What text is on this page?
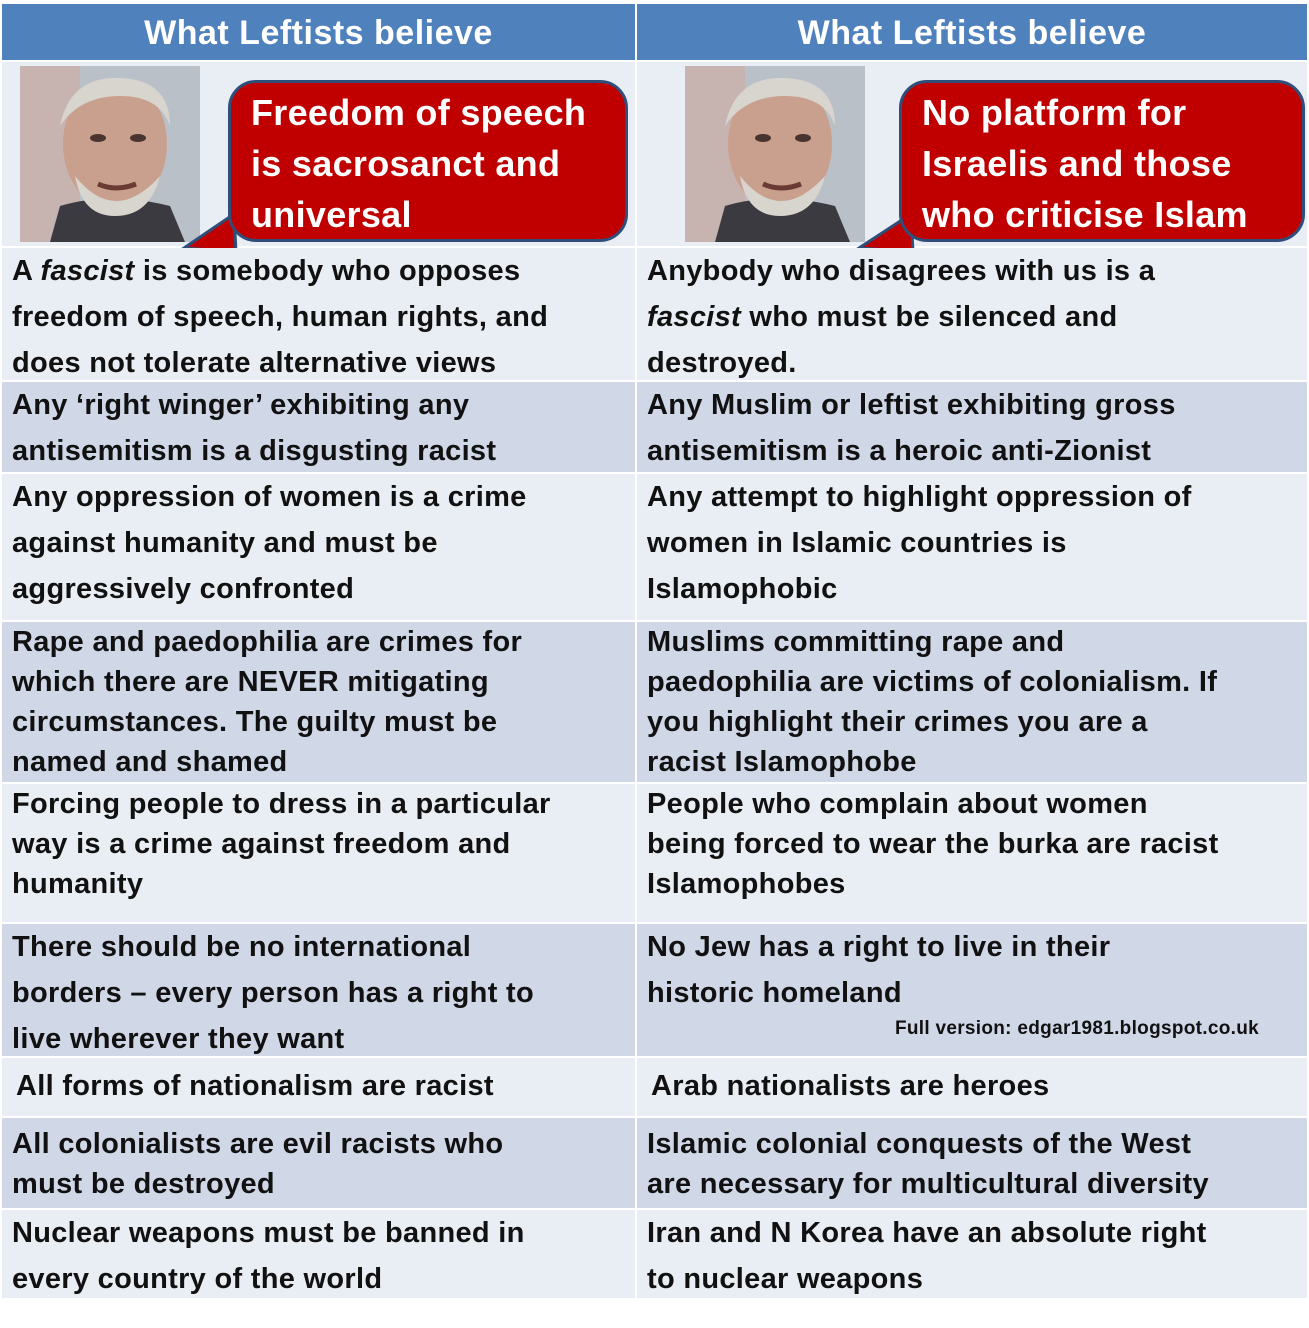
What Leftists believe	What Leftists believe
Freedom of speech
is sacrosanct and
universal
No platform for
Israelis and those
who criticise Islam
A fascist is somebody who opposes
freedom of speech, human rights, and
does not tolerate alternative views
Anybody who disagrees with us is a
fascist who must be silenced and
destroyed.
Any ‘right winger’ exhibiting any
antisemitism is a disgusting racist
Any Muslim or leftist exhibiting gross
antisemitism is a heroic anti-Zionist
Any oppression of women is a crime
against humanity and must be
aggressively confronted
Any attempt to highlight oppression of
women in Islamic countries is
Islamophobic
Rape and paedophilia are crimes for
which there are NEVER mitigating
circumstances. The guilty must be
named and shamed
Muslims committing rape and
paedophilia are victims of colonialism. If
you highlight their crimes you are a
racist Islamophobe
Forcing people to dress in a particular
way is a crime against freedom and
humanity
People who complain about women
being forced to wear the burka are racist
Islamophobes
There should be no international
borders – every person has a right to
live wherever they want
No Jew has a right to live in their
historic homeland
Full version: edgar1981.blogspot.co.uk
All forms of nationalism are racist	Arab nationalists are heroes
All colonialists are evil racists who
must be destroyed
Islamic colonial conquests of the West
are necessary for multicultural diversity
Nuclear weapons must be banned in
every country of the world
Iran and N Korea have an absolute right
to nuclear weapons
